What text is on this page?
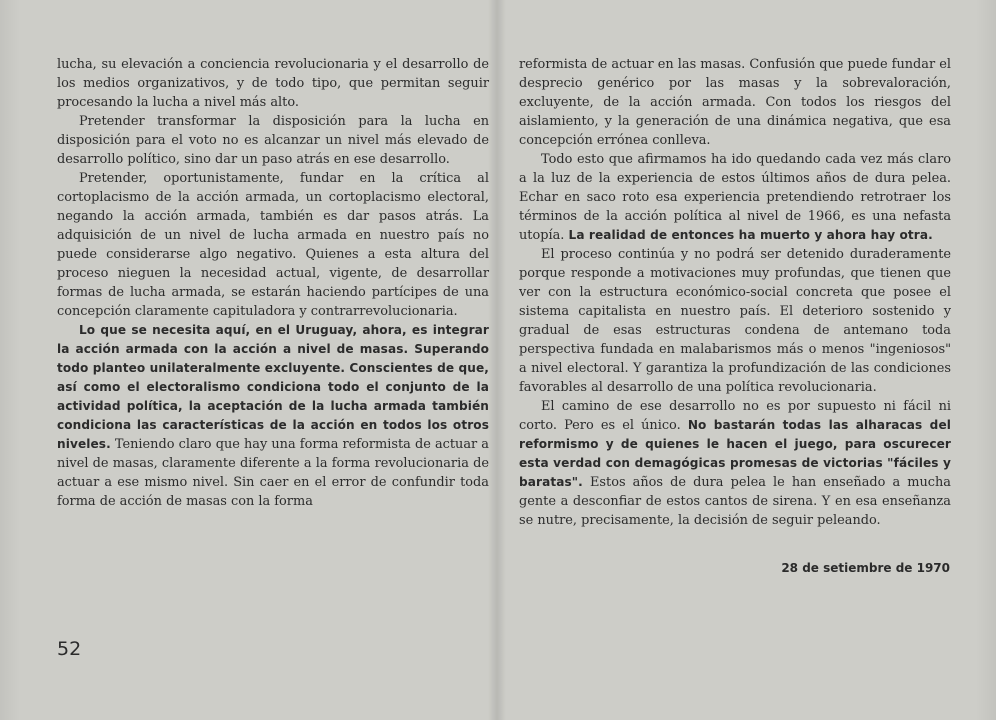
lucha, su elevación a conciencia revolucionaria y el desarrollo de los medios organizativos, y de todo tipo, que permitan seguir procesando la lucha a nivel más alto.

Pretender transformar la disposición para la lucha en disposición para el voto no es alcanzar un nivel más elevado de desarrollo político, sino dar un paso atrás en ese desarrollo.

Pretender, oportunistamente, fundar en la crítica al cortoplacismo de la acción armada, un cortoplacismo electoral, negando la acción armada, también es dar pasos atrás. La adquisición de un nivel de lucha armada en nuestro país no puede considerarse algo negativo. Quienes a esta altura del proceso nieguen la necesidad actual, vigente, de desarrollar formas de lucha armada, se estarán haciendo partícipes de una concepción claramente capituladora y contrarrevolucionaria.

Lo que se necesita aquí, en el Uruguay, ahora, es integrar la acción armada con la acción a nivel de masas. Superando todo planteo unilateralmente excluyente. Conscientes de que, así como el electoralismo condiciona todo el conjunto de la actividad política, la aceptación de la lucha armada también condiciona las características de la acción en todos los otros niveles. Teniendo claro que hay una forma reformista de actuar a nivel de masas, claramente diferente a la forma revolucionaria de actuar a ese mismo nivel. Sin caer en el error de confundir toda forma de acción de masas con la forma

reformista de actuar en las masas. Confusión que puede fundar el desprecio genérico por las masas y la sobrevaloración, excluyente, de la acción armada. Con todos los riesgos del aislamiento, y la generación de una dinámica negativa, que esa concepción errónea conlleva.

Todo esto que afirmamos ha ido quedando cada vez más claro a la luz de la experiencia de estos últimos años de dura pelea. Echar en saco roto esa experiencia pretendiendo retrotraer los términos de la acción política al nivel de 1966, es una nefasta utopía. La realidad de entonces ha muerto y ahora hay otra.

El proceso continúa y no podrá ser detenido duraderamente porque responde a motivaciones muy profundas, que tienen que ver con la estructura económico-social concreta que posee el sistema capitalista en nuestro país. El deterioro sostenido y gradual de esas estructuras condena de antemano toda perspectiva fundada en malabarismos más o menos "ingeniosos" a nivel electoral. Y garantiza la profundización de las condiciones favorables al desarrollo de una política revolucionaria.

El camino de ese desarrollo no es por supuesto ni fácil ni corto. Pero es el único. No bastarán todas las alharacas del reformismo y de quienes le hacen el juego, para oscurecer esta verdad con demagógicas promesas de victorias "fáciles y baratas". Estos años de dura pelea le han enseñado a mucha gente a desconfiar de estos cantos de sirena. Y en esa enseñanza se nutre, precisamente, la decisión de seguir peleando.

28 de setiembre de 1970
52
